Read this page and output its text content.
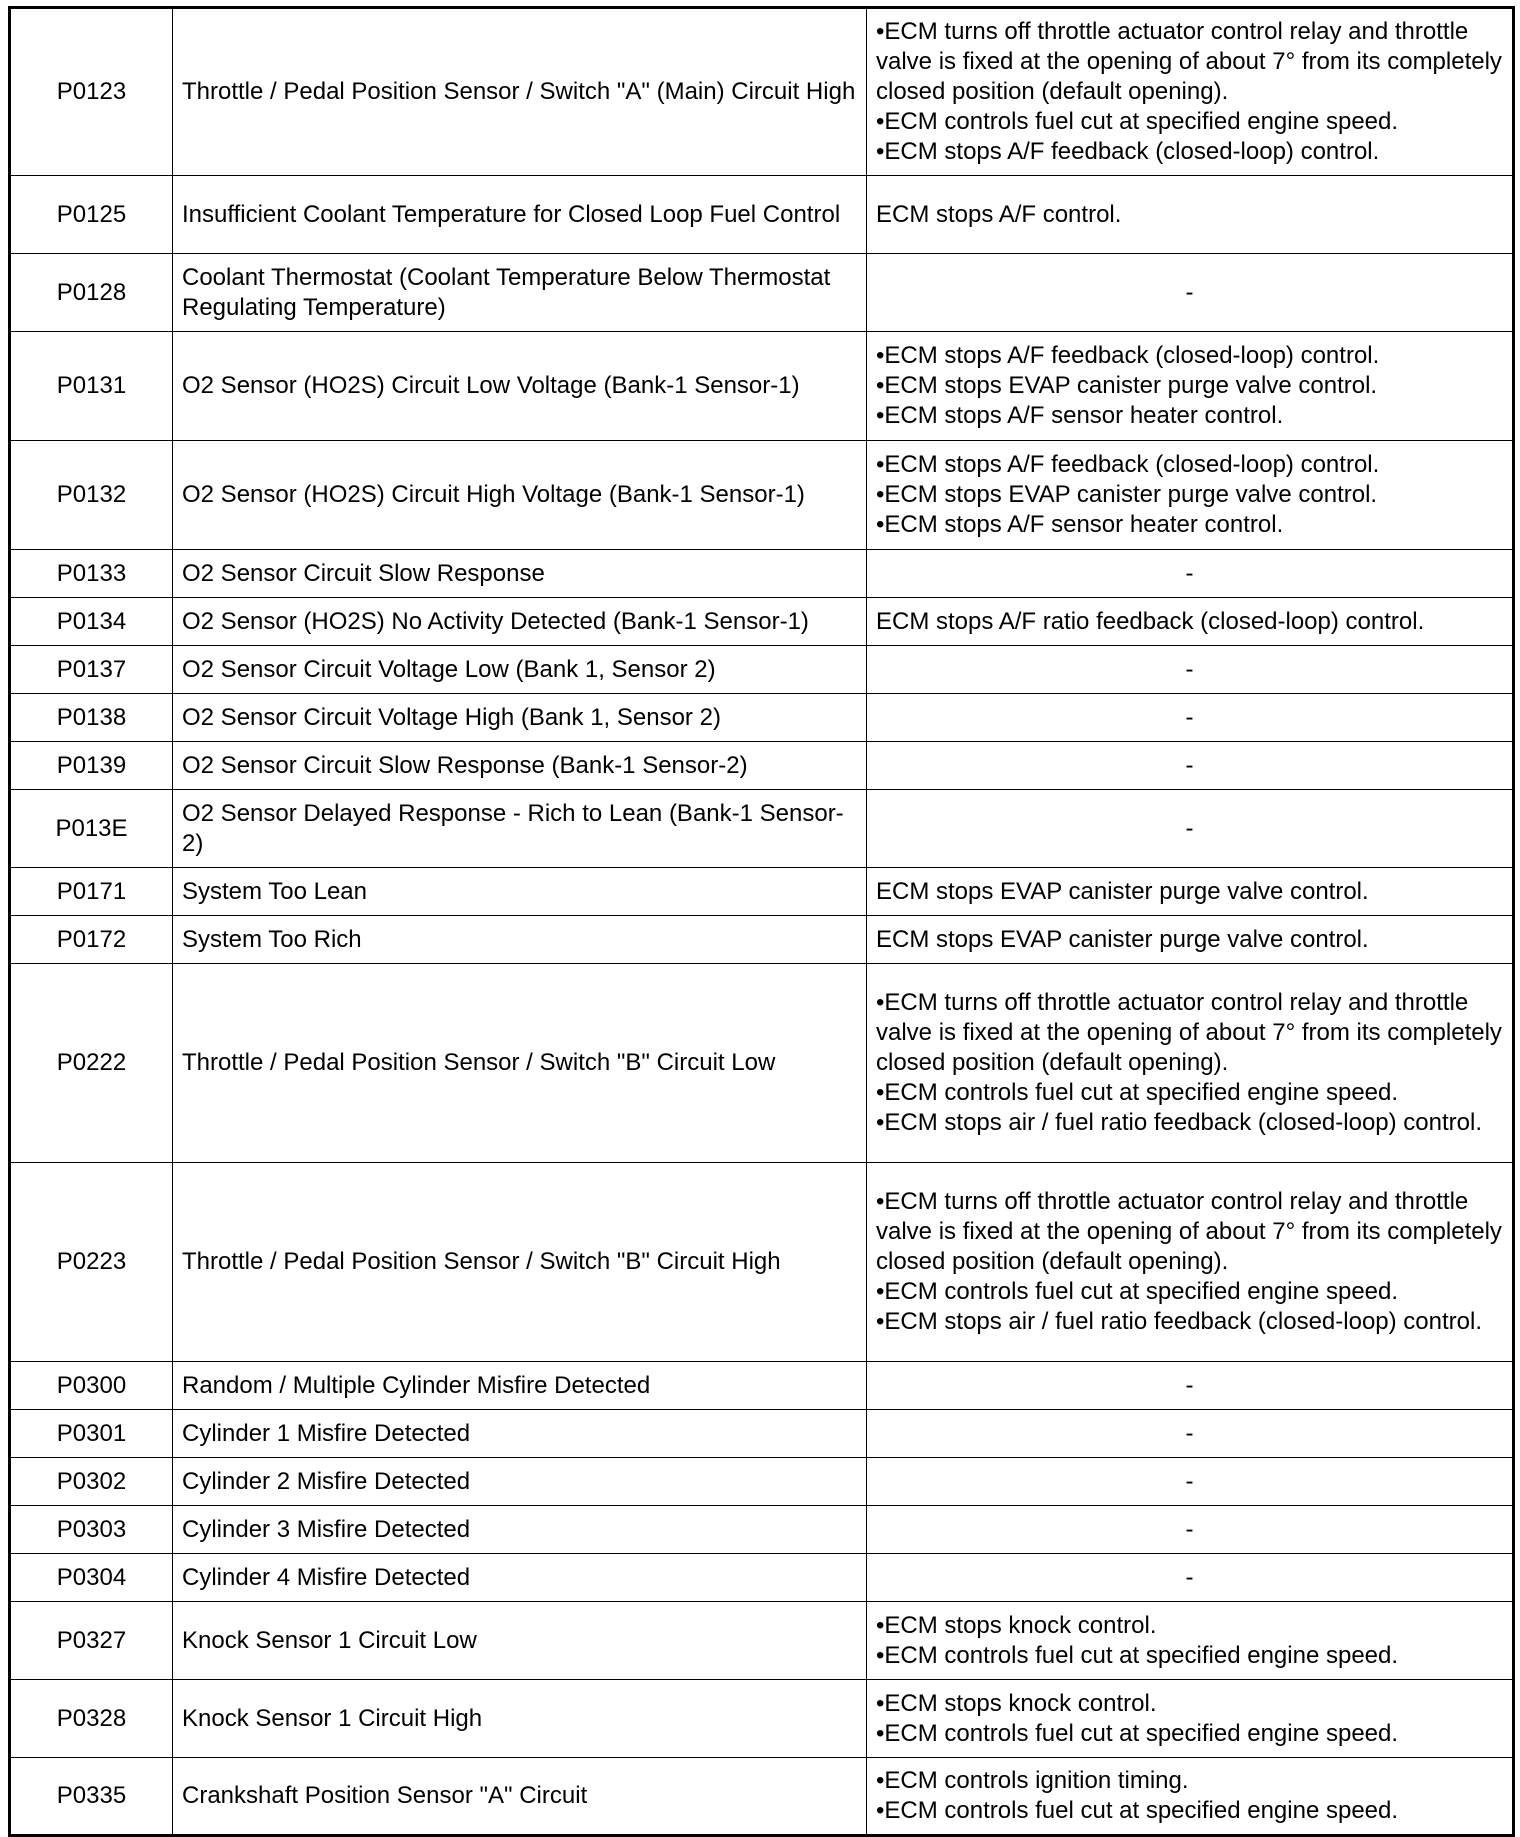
P0123	Throttle / Pedal Position Sensor / Switch "A" (Main) Circuit High	•ECM turns off throttle actuator control relay and throttle valve is fixed at the opening of about 7° from its completely closed position (default opening).
•ECM controls fuel cut at specified engine speed.
•ECM stops A/F feedback (closed-loop) control.

P0125	Insufficient Coolant Temperature for Closed Loop Fuel Control	ECM stops A/F control.

P0128	Coolant Thermostat (Coolant Temperature Below Thermostat Regulating Temperature)	-

P0131	O2 Sensor (HO2S) Circuit Low Voltage (Bank-1 Sensor-1)	•ECM stops A/F feedback (closed-loop) control.
•ECM stops EVAP canister purge valve control.
•ECM stops A/F sensor heater control.

P0132	O2 Sensor (HO2S) Circuit High Voltage (Bank-1 Sensor-1)	•ECM stops A/F feedback (closed-loop) control.
•ECM stops EVAP canister purge valve control.
•ECM stops A/F sensor heater control.

P0133	O2 Sensor Circuit Slow Response	-

P0134	O2 Sensor (HO2S) No Activity Detected (Bank-1 Sensor-1)	ECM stops A/F ratio feedback (closed-loop) control.

P0137	O2 Sensor Circuit Voltage Low (Bank 1, Sensor 2)	-

P0138	O2 Sensor Circuit Voltage High (Bank 1, Sensor 2)	-

P0139	O2 Sensor Circuit Slow Response (Bank-1 Sensor-2)	-

P013E	O2 Sensor Delayed Response - Rich to Lean (Bank-1 Sensor-2)	-

P0171	System Too Lean	ECM stops EVAP canister purge valve control.

P0172	System Too Rich	ECM stops EVAP canister purge valve control.

P0222	Throttle / Pedal Position Sensor / Switch "B" Circuit Low	•ECM turns off throttle actuator control relay and throttle valve is fixed at the opening of about 7° from its completely closed position (default opening).
•ECM controls fuel cut at specified engine speed.
•ECM stops air / fuel ratio feedback (closed-loop) control.

P0223	Throttle / Pedal Position Sensor / Switch "B" Circuit High	•ECM turns off throttle actuator control relay and throttle valve is fixed at the opening of about 7° from its completely closed position (default opening).
•ECM controls fuel cut at specified engine speed.
•ECM stops air / fuel ratio feedback (closed-loop) control.

P0300	Random / Multiple Cylinder Misfire Detected	-

P0301	Cylinder 1 Misfire Detected	-

P0302	Cylinder 2 Misfire Detected	-

P0303	Cylinder 3 Misfire Detected	-

P0304	Cylinder 4 Misfire Detected	-

P0327	Knock Sensor 1 Circuit Low	•ECM stops knock control.
•ECM controls fuel cut at specified engine speed.

P0328	Knock Sensor 1 Circuit High	•ECM stops knock control.
•ECM controls fuel cut at specified engine speed.

P0335	Crankshaft Position Sensor "A" Circuit	•ECM controls ignition timing.
•ECM controls fuel cut at specified engine speed.
